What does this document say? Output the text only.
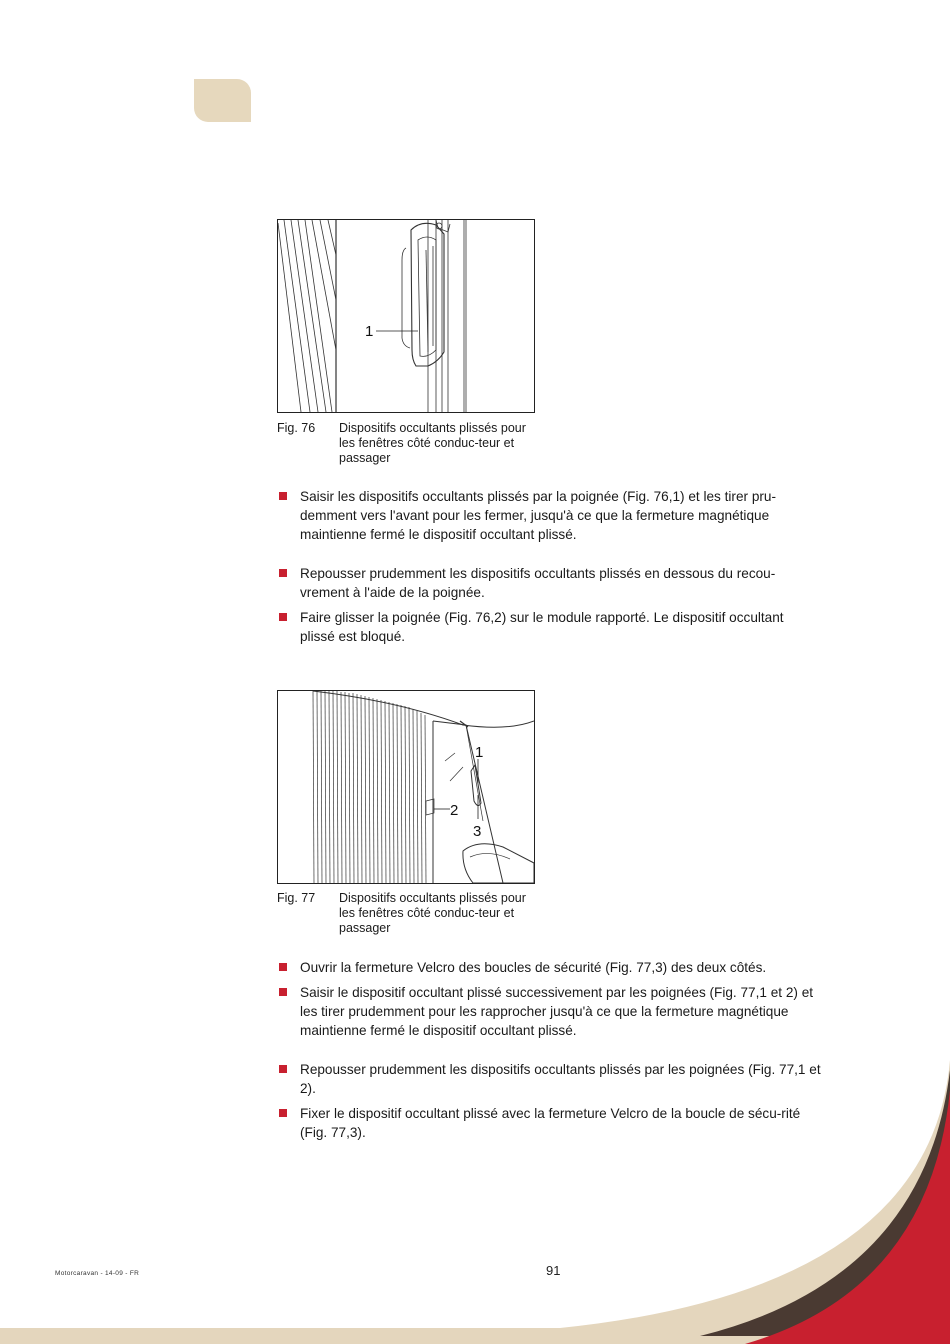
1
Fig. 76 Dispositifs occultants plissés pour les fenêtres côté conduc-teur et passager
Saisir les dispositifs occultants plissés par la poignée (Fig. 76,1) et les tirer pru-demment vers l'avant pour les fermer, jusqu'à ce que la fermeture magnétique maintienne fermé le dispositif occultant plissé.
Repousser prudemment les dispositifs occultants plissés en dessous du recou-vrement à l'aide de la poignée.
Faire glisser la poignée (Fig. 76,2) sur le module rapporté. Le dispositif occultant plissé est bloqué.
1
2
3
Fig. 77 Dispositifs occultants plissés pour les fenêtres côté conduc-teur et passager
Ouvrir la fermeture Velcro des boucles de sécurité (Fig. 77,3) des deux côtés.
Saisir le dispositif occultant plissé successivement par les poignées (Fig. 77,1 et 2) et les tirer prudemment pour les rapprocher jusqu'à ce que la fermeture magnétique maintienne fermé le dispositif occultant plissé.
Repousser prudemment les dispositifs occultants plissés par les poignées (Fig. 77,1 et 2).
Fixer le dispositif occultant plissé avec la fermeture Velcro de la boucle de sécu-rité (Fig. 77,3).
Motorcaravan - 14-09 - FR	91
